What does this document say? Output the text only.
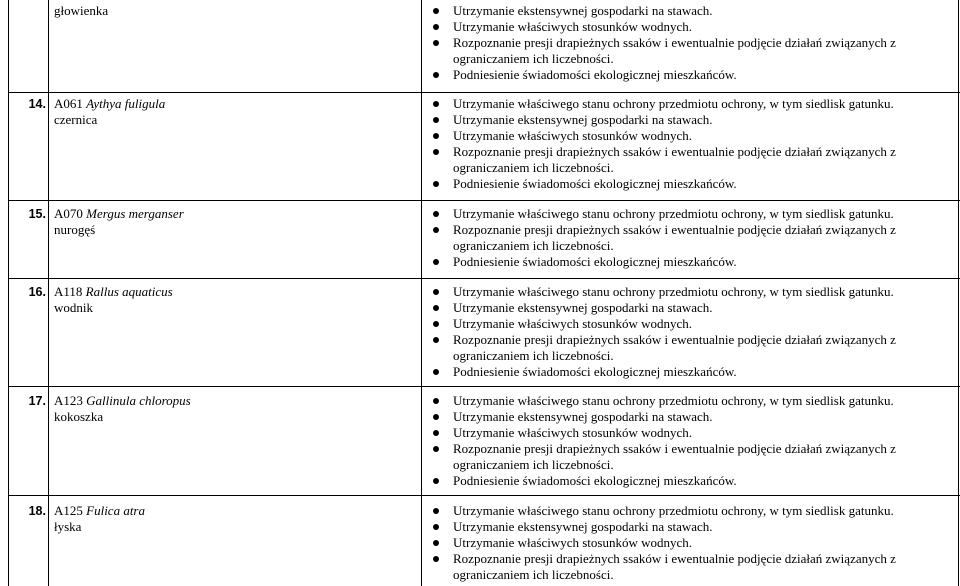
głowienka	Utrzymanie ekstensywnej gospodarki na stawach.
Utrzymanie właściwych stosunków wodnych.
Rozpoznanie presji drapieżnych ssaków i ewentualnie podjęcie działań związanych z ograniczaniem ich liczebności.
Podniesienie świadomości ekologicznej mieszkańców.
14. A061 Aythya fuligula
czernica
Utrzymanie właściwego stanu ochrony przedmiotu ochrony, w tym siedlisk gatunku.
Utrzymanie ekstensywnej gospodarki na stawach.
Utrzymanie właściwych stosunków wodnych.
Rozpoznanie presji drapieżnych ssaków i ewentualnie podjęcie działań związanych z ograniczaniem ich liczebności.
Podniesienie świadomości ekologicznej mieszkańców.
15. A070 Mergus merganser
nurogęś
Utrzymanie właściwego stanu ochrony przedmiotu ochrony, w tym siedlisk gatunku.
Rozpoznanie presji drapieżnych ssaków i ewentualnie podjęcie działań związanych z ograniczaniem ich liczebności.
Podniesienie świadomości ekologicznej mieszkańców.
16. A118 Rallus aquaticus
wodnik
Utrzymanie właściwego stanu ochrony przedmiotu ochrony, w tym siedlisk gatunku.
Utrzymanie ekstensywnej gospodarki na stawach.
Utrzymanie właściwych stosunków wodnych.
Rozpoznanie presji drapieżnych ssaków i ewentualnie podjęcie działań związanych z ograniczaniem ich liczebności.
Podniesienie świadomości ekologicznej mieszkańców.
17. A123 Gallinula chloropus
kokoszka
Utrzymanie właściwego stanu ochrony przedmiotu ochrony, w tym siedlisk gatunku.
Utrzymanie ekstensywnej gospodarki na stawach.
Utrzymanie właściwych stosunków wodnych.
Rozpoznanie presji drapieżnych ssaków i ewentualnie podjęcie działań związanych z ograniczaniem ich liczebności.
Podniesienie świadomości ekologicznej mieszkańców.
18. A125 Fulica atra
łyska
Utrzymanie właściwego stanu ochrony przedmiotu ochrony, w tym siedlisk gatunku.
Utrzymanie ekstensywnej gospodarki na stawach.
Utrzymanie właściwych stosunków wodnych.
Rozpoznanie presji drapieżnych ssaków i ewentualnie podjęcie działań związanych z ograniczaniem ich liczebności.
